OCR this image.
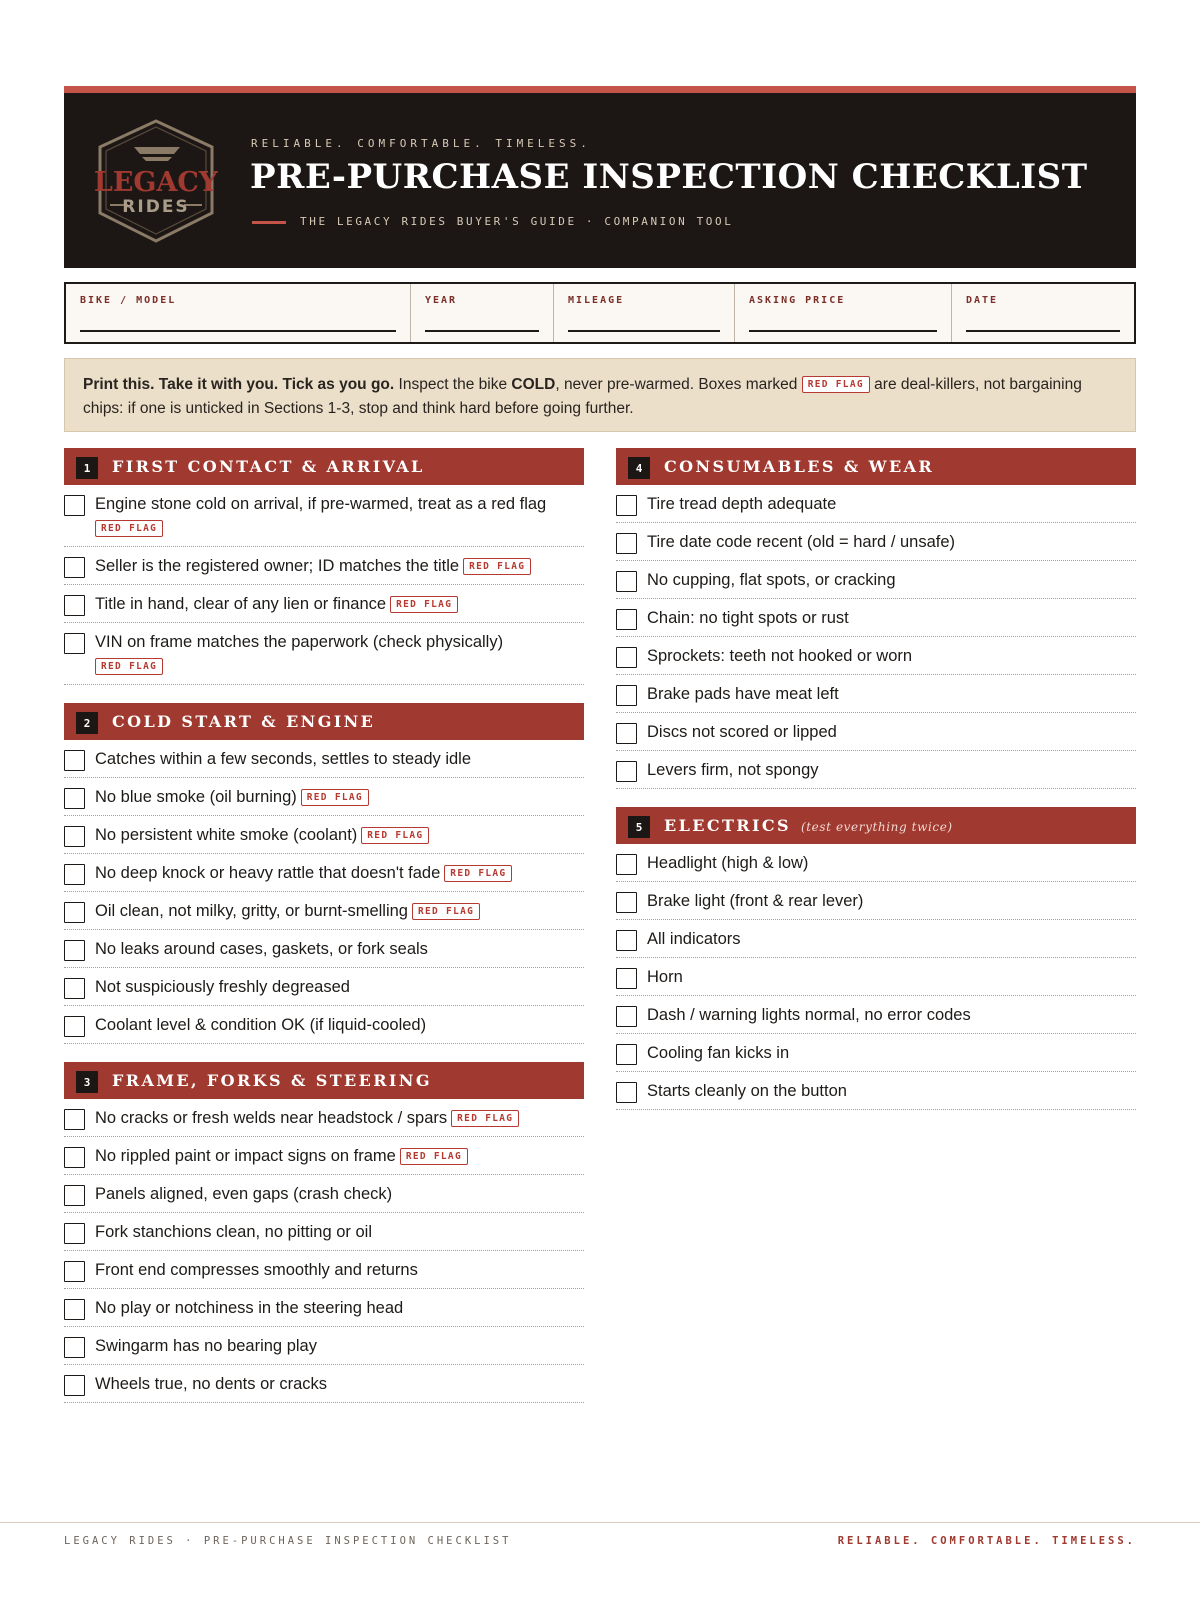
LEGACY
RIDES
RELIABLE. COMFORTABLE. TIMELESS.
PRE-PURCHASE INSPECTION CHECKLIST
THE LEGACY RIDES BUYER'S GUIDE · COMPANION TOOL
BIKE / MODEL	YEAR	MILEAGE	ASKING PRICE	DATE
Print this. Take it with you. Tick as you go. Inspect the bike COLD, never pre-warmed. Boxes marked RED FLAG are deal-killers, not bargaining chips: if one is unticked in Sections 1-3, stop and think hard before going further.
1	FIRST CONTACT & ARRIVAL
Engine stone cold on arrival, if pre-warmed, treat as a red flag
RED FLAG
Seller is the registered owner; ID matches the title RED FLAG
Title in hand, clear of any lien or finance RED FLAG
VIN on frame matches the paperwork (check physically)
RED FLAG
2	COLD START & ENGINE
Catches within a few seconds, settles to steady idle
No blue smoke (oil burning) RED FLAG
No persistent white smoke (coolant) RED FLAG
No deep knock or heavy rattle that doesn't fade RED FLAG
Oil clean, not milky, gritty, or burnt-smelling RED FLAG
No leaks around cases, gaskets, or fork seals
Not suspiciously freshly degreased
Coolant level & condition OK (if liquid-cooled)
3	FRAME, FORKS & STEERING
No cracks or fresh welds near headstock / spars RED FLAG
No rippled paint or impact signs on frame RED FLAG
Panels aligned, even gaps (crash check)
Fork stanchions clean, no pitting or oil
Front end compresses smoothly and returns
No play or notchiness in the steering head
Swingarm has no bearing play
Wheels true, no dents or cracks
4	CONSUMABLES & WEAR
Tire tread depth adequate
Tire date code recent (old = hard / unsafe)
No cupping, flat spots, or cracking
Chain: no tight spots or rust
Sprockets: teeth not hooked or worn
Brake pads have meat left
Discs not scored or lipped
Levers firm, not spongy
5	ELECTRICS (test everything twice)
Headlight (high & low)
Brake light (front & rear lever)
All indicators
Horn
Dash / warning lights normal, no error codes
Cooling fan kicks in
Starts cleanly on the button
LEGACY RIDES · PRE-PURCHASE INSPECTION CHECKLIST	RELIABLE. COMFORTABLE. TIMELESS.
